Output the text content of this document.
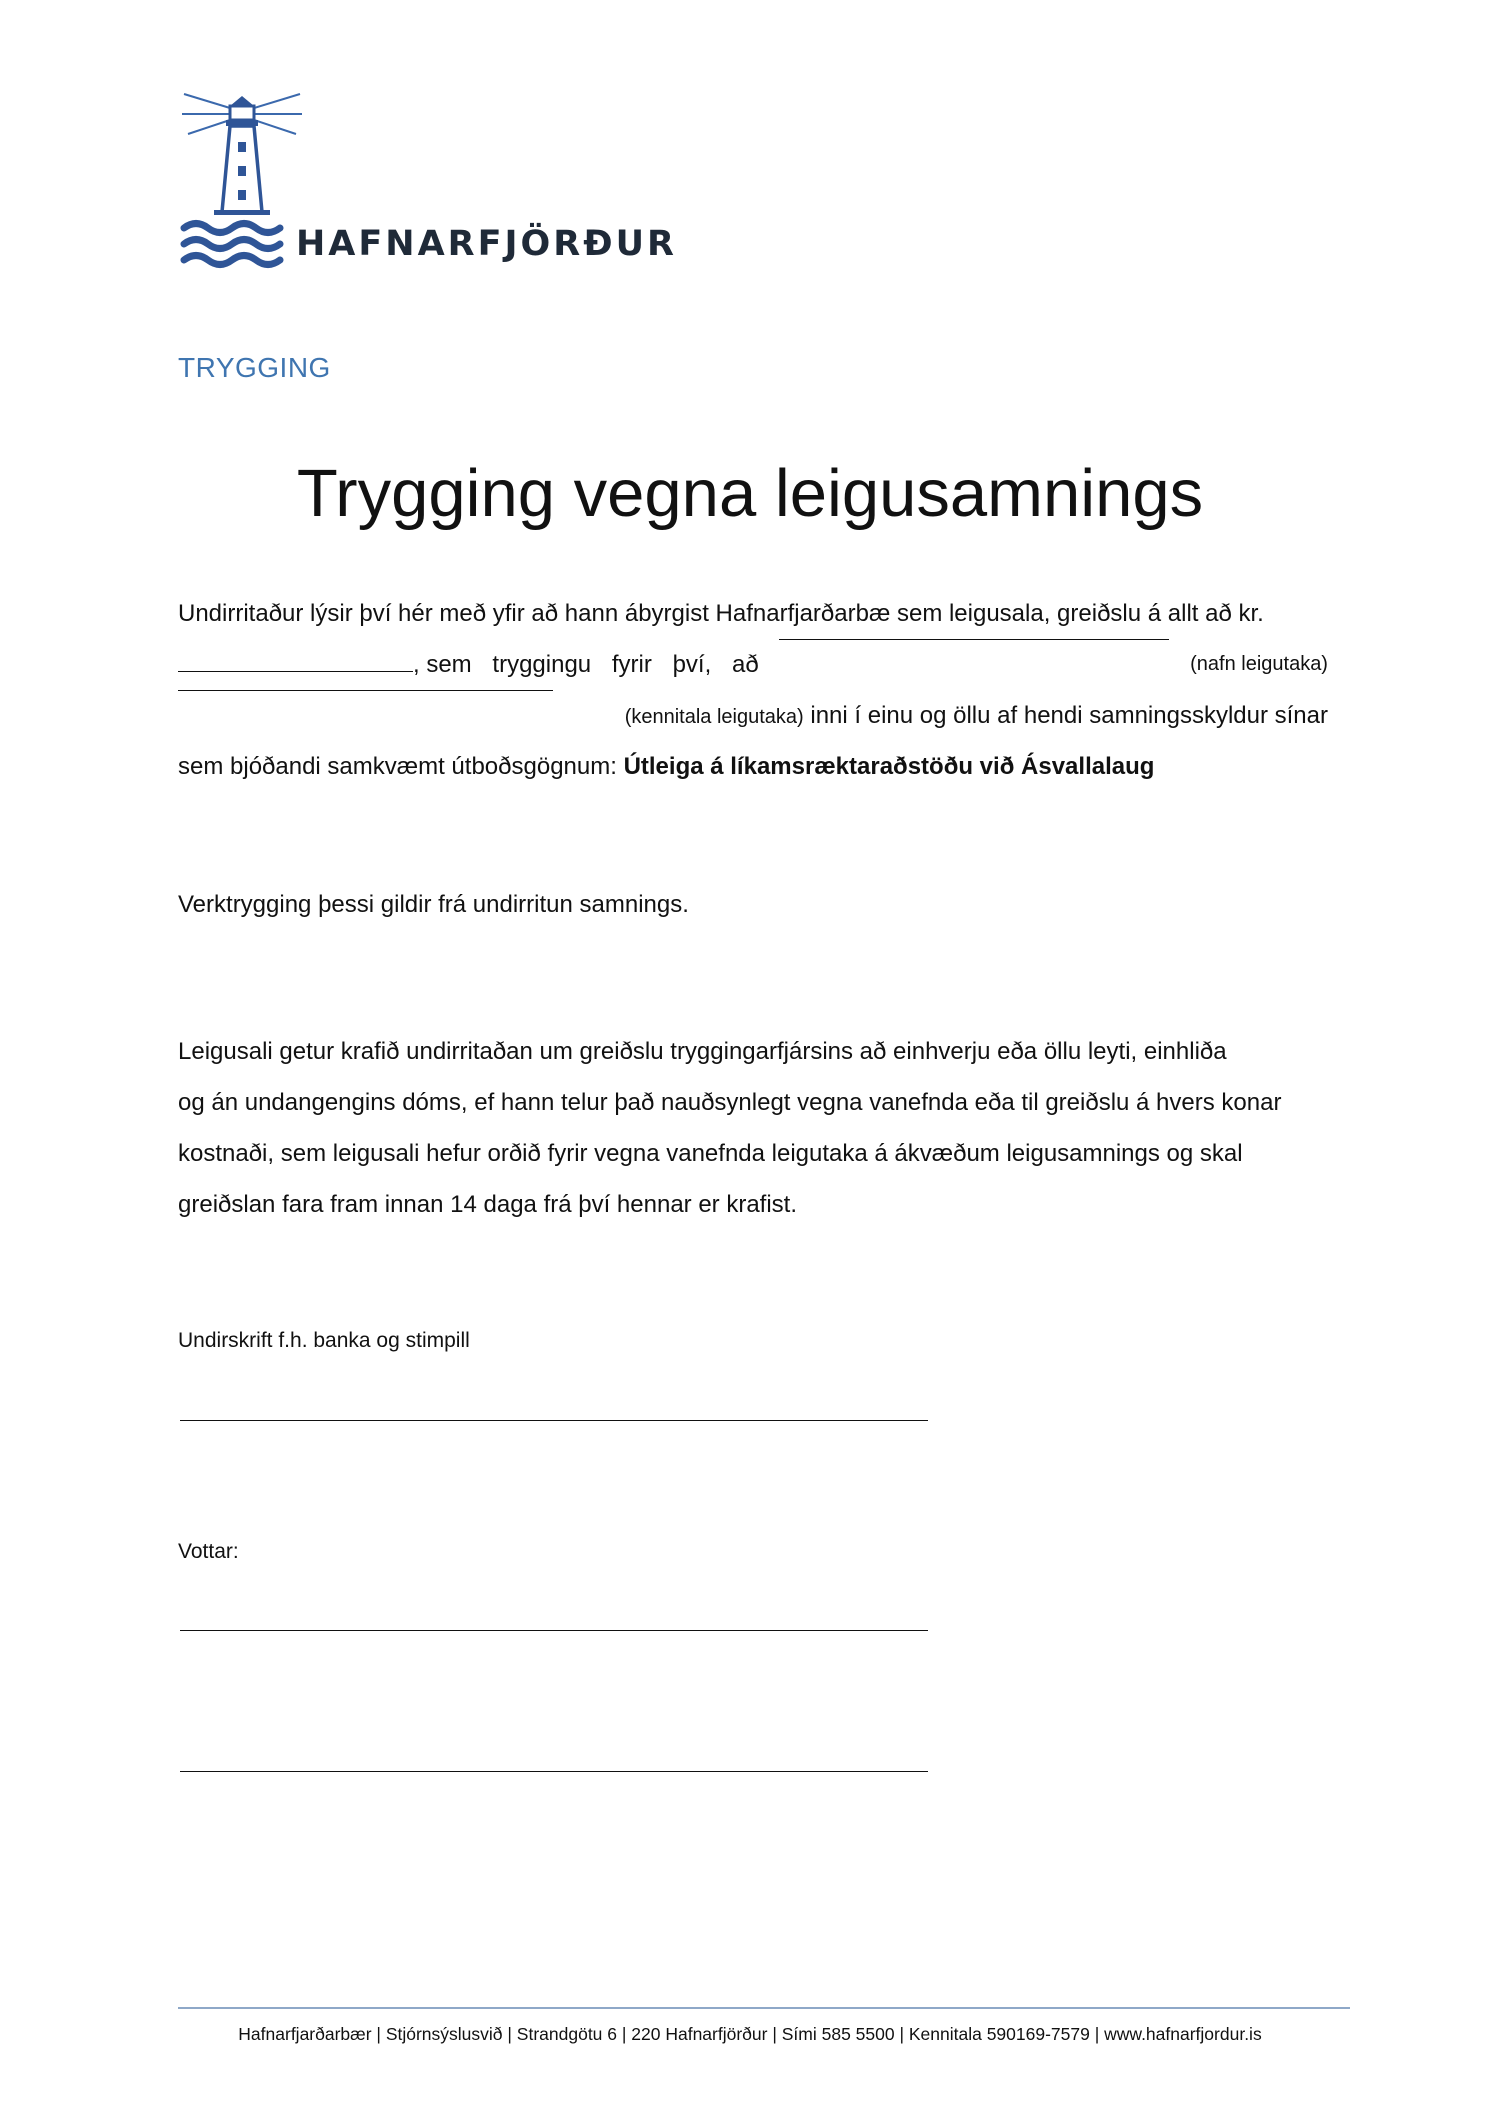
HAFNARFJÖRÐUR
TRYGGING
Trygging vegna leigusamnings
Undirritaður lýsir því hér með yfir að hann ábyrgist Hafnarfjarðarbæ sem leigusala, greiðslu á allt að kr.
, sem tryggingu fyrir því, að	(nafn leigutaka)
(kennitala leigutaka) inni í einu og öllu af hendi samningsskyldur sínar
sem bjóðandi samkvæmt útboðsgögnum: Útleiga á líkamsræktaraðstöðu við Ásvallalaug
Verktrygging þessi gildir frá undirritun samnings.
Leigusali getur krafið undirritaðan um greiðslu tryggingarfjársins að einhverju eða öllu leyti, einhliða
og án undangengins dóms, ef hann telur það nauðsynlegt vegna vanefnda eða til greiðslu á hvers konar
kostnaði, sem leigusali hefur orðið fyrir vegna vanefnda leigutaka á ákvæðum leigusamnings og skal
greiðslan fara fram innan 14 daga frá því hennar er krafist.
Undirskrift f.h. banka og stimpill
Vottar:
Hafnarfjarðarbær | Stjórnsýslusvið | Strandgötu 6 | 220 Hafnarfjörður | Sími 585 5500 | Kennitala 590169-7579 | www.hafnarfjordur.is
